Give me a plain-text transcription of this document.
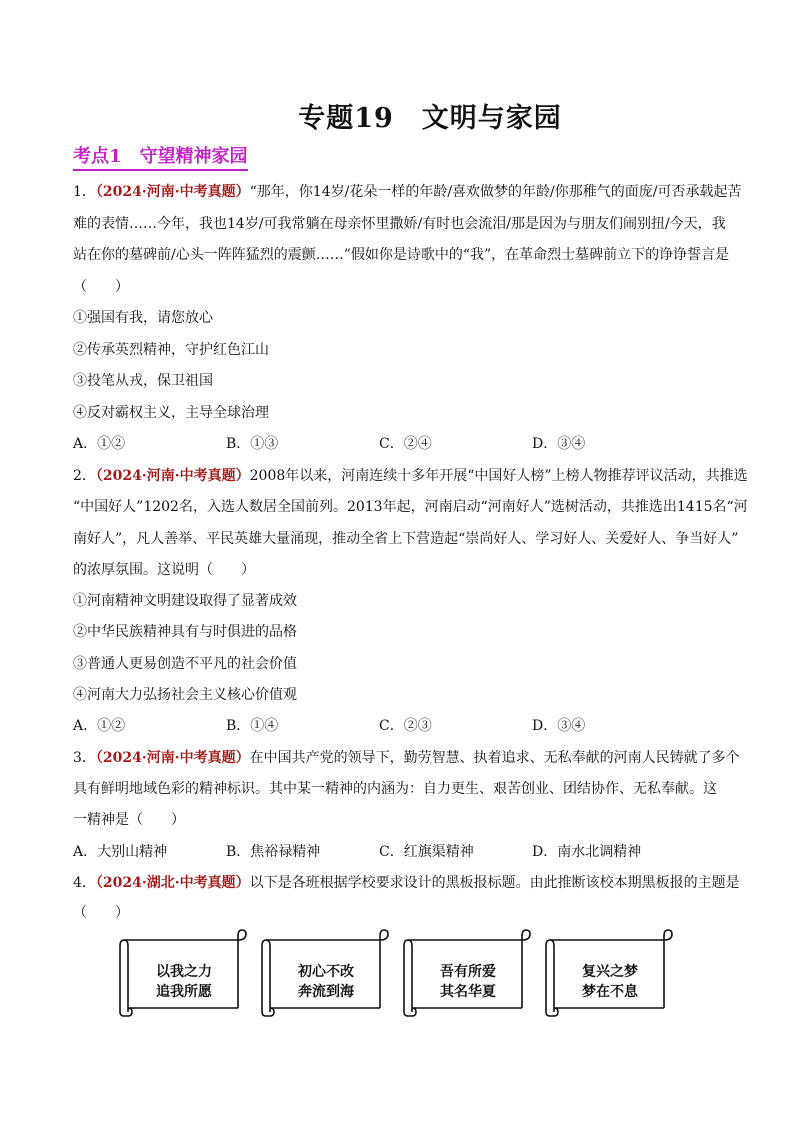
专题19　文明与家园
考点1　守望精神家园
1．（2024·河南·中考真题）“那年，你14岁/花朵一样的年龄/喜欢做梦的年龄/你那稚气的面庞/可否承载起苦
难的表情……今年，我也14岁/可我常躺在母亲怀里撒娇/有时也会流泪/那是因为与朋友们闹别扭/今天，我
站在你的墓碑前/心头一阵阵猛烈的震颤……”假如你是诗歌中的“我”，在革命烈士墓碑前立下的诤诤誓言是
（　　）
①强国有我，请您放心
②传承英烈精神，守护红色江山
③投笔从戎，保卫祖国
④反对霸权主义，主导全球治理
A．①②	B．①③	C．②④	D．③④
2．（2024·河南·中考真题）2008年以来，河南连续十多年开展“中国好人榜”上榜人物推荐评议活动，共推选
“中国好人”1202名，入选人数居全国前列。2013年起，河南启动“河南好人”选树活动，共推选出1415名“河
南好人”，凡人善举、平民英雄大量涌现，推动全省上下营造起“崇尚好人、学习好人、关爱好人、争当好人”
的浓厚氛围。这说明（　　）
①河南精神文明建设取得了显著成效
②中华民族精神具有与时俱进的品格
③普通人更易创造不平凡的社会价值
④河南大力弘扬社会主义核心价值观
A．①②	B．①④	C．②③	D．③④
3．（2024·河南·中考真题）在中国共产党的领导下，勤劳智慧、执着追求、无私奉献的河南人民铸就了多个
具有鲜明地域色彩的精神标识。其中某一精神的内涵为：自力更生、艰苦创业、团结协作、无私奉献。这
一精神是（　　）
A．大别山精神	B．焦裕禄精神	C．红旗渠精神	D．南水北调精神
4．（2024·湖北·中考真题）以下是各班根据学校要求设计的黑板报标题。由此推断该校本期黑板报的主题是
（　　）
以我之力
追我所愿
初心不改
奔流到海
吾有所爱
其名华夏
复兴之梦
梦在不息
